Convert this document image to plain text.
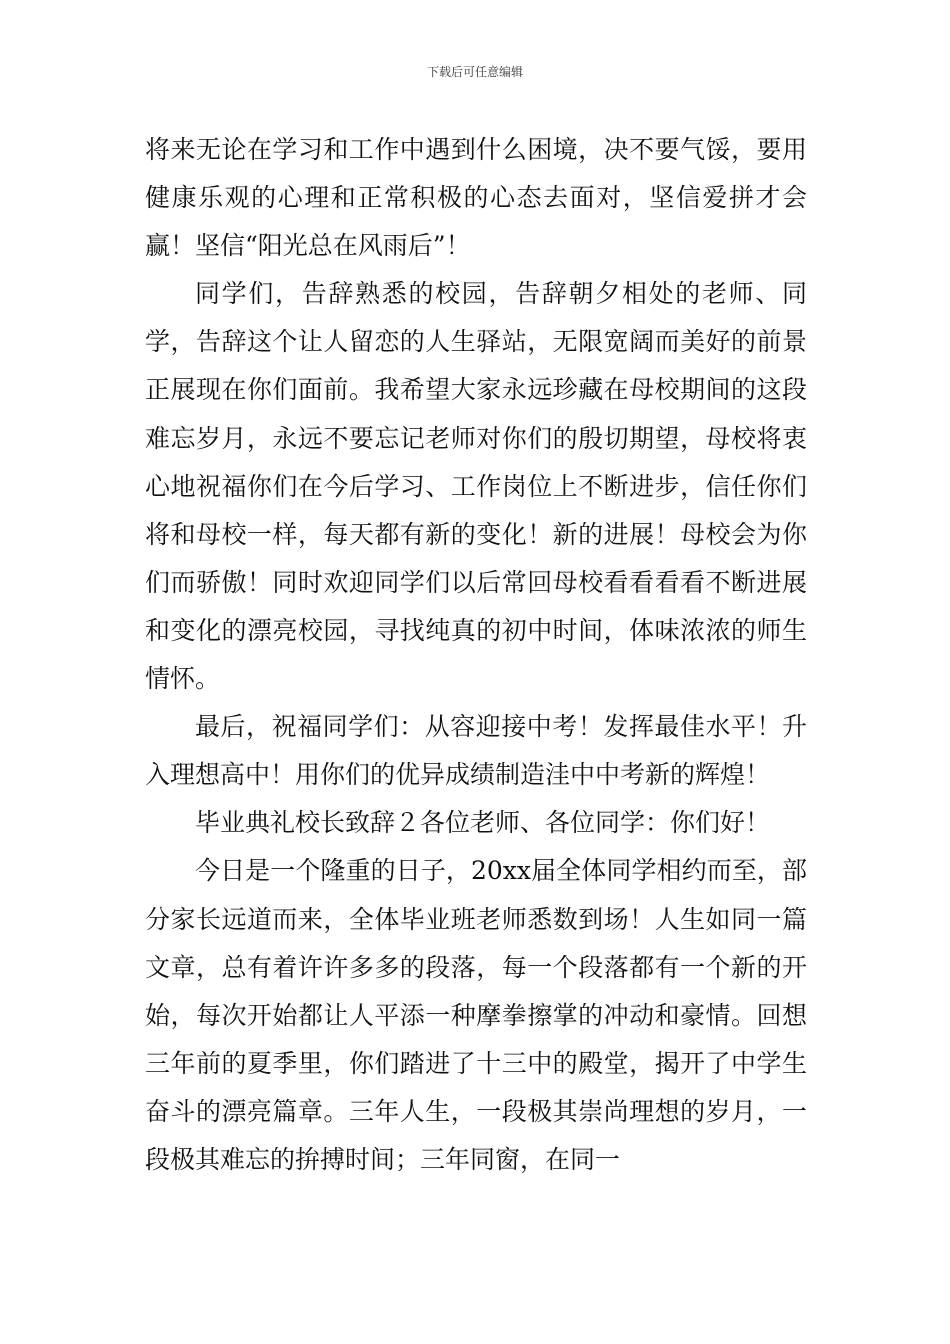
下载后可任意编辑

将来无论在学习和工作中遇到什么困境，决不要气馁，要用健康乐观的心理和正常积极的心态去面对，坚信爱拼才会赢！坚信“阳光总在风雨后”！

同学们，告辞熟悉的校园，告辞朝夕相处的老师、同学，告辞这个让人留恋的人生驿站，无限宽阔而美好的前景正展现在你们面前。我希望大家永远珍藏在母校期间的这段难忘岁月，永远不要忘记老师对你们的殷切期望，母校将衷心地祝福你们在今后学习、工作岗位上不断进步，信任你们将和母校一样，每天都有新的变化！新的进展！母校会为你们而骄傲！同时欢迎同学们以后常回母校看看看看不断进展和变化的漂亮校园，寻找纯真的初中时间，体味浓浓的师生情怀。

最后，祝福同学们：从容迎接中考！发挥最佳水平！升入理想高中！用你们的优异成绩制造洼中中考新的辉煌！

毕业典礼校长致辞２各位老师、各位同学：你们好！

今日是一个隆重的日子，20xx届全体同学相约而至，部分家长远道而来，全体毕业班老师悉数到场！人生如同一篇文章，总有着许许多多的段落，每一个段落都有一个新的开始，每次开始都让人平添一种摩拳擦掌的冲动和豪情。回想三年前的夏季里，你们踏进了十三中的殿堂，揭开了中学生奋斗的漂亮篇章。三年人生，一段极其崇尚理想的岁月，一段极其难忘的拚搏时间；三年同窗，在同一
